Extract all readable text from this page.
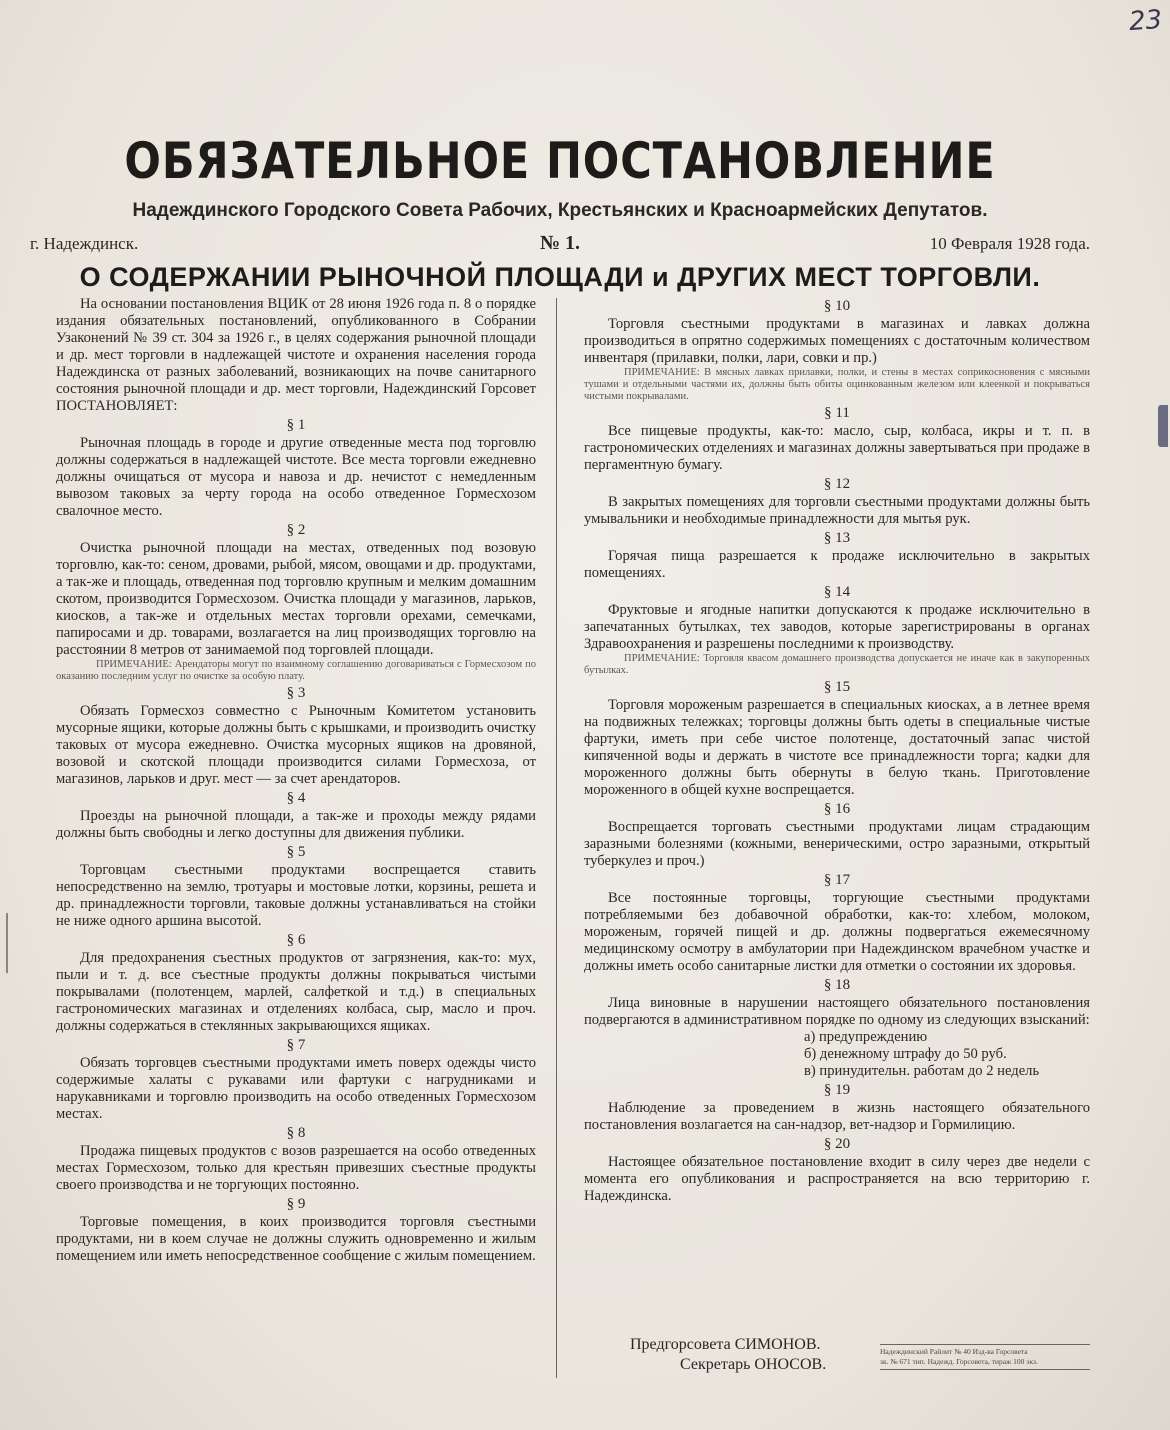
23
ОБЯЗАТЕЛЬНОЕ ПОСТАНОВЛЕНИЕ
Надеждинского Городского Совета Рабочих, Крестьянских и Красноармейских Депутатов.
г. Надеждинск.	№ 1.	10 Февраля 1928 года.
О СОДЕРЖАНИИ РЫНОЧНОЙ ПЛОЩАДИ и ДРУГИХ МЕСТ ТОРГОВЛИ.

На основании постановления ВЦИК от 28 июня 1926 года п. 8 о порядке издания обязательных постановлений, опубликованного в Собрании Узаконений № 39 ст. 304 за 1926 г., в целях содержания рыночной площади и др. мест торговли в надлежащей чистоте и охранения населения города Надеждинска от разных заболеваний, возникающих на почве санитарного состояния рыночной площади и др. мест торговли, Надеждинский Горсовет ПОСТАНОВЛЯЕТ:

§ 1

Рыночная площадь в городе и другие отведенные места под торговлю должны содержаться в надлежащей чистоте. Все места торговли ежедневно должны очищаться от мусора и навоза и др. нечистот с немедленным вывозом таковых за черту города на особо отведенное Гормесхозом свалочное место.

§ 2

Очистка рыночной площади на местах, отведенных под возовую торговлю, как-то: сеном, дровами, рыбой, мясом, овощами и др. продуктами, а так-же и площадь, отведенная под торговлю крупным и мелким домашним скотом, производится Гормесхозом. Очистка площади у магазинов, ларьков, киосков, а так-же и отдельных местах торговли орехами, семечками, папиросами и др. товарами, возлагается на лиц производящих торговлю на расстоянии 8 метров от занимаемой под торговлей площади.

ПРИМЕЧАНИЕ: Арендаторы могут по взаимному соглашению договариваться с Гормесхозом по оказанию последним услуг по очистке за особую плату.

§ 3

Обязать Гормесхоз совместно с Рыночным Комитетом установить мусорные ящики, которые должны быть с крышками, и производить очистку таковых от мусора ежедневно. Очистка мусорных ящиков на дровяной, возовой и скотской площади производится силами Гормесхоза, от магазинов, ларьков и друг. мест — за счет арендаторов.

§ 4

Проезды на рыночной площади, а так-же и проходы между рядами должны быть свободны и легко доступны для движения публики.

§ 5

Торговцам съестными продуктами воспрещается ставить непосредственно на землю, тротуары и мостовые лотки, корзины, решета и др. принадлежности торговли, таковые должны устанавливаться на стойки не ниже одного аршина высотой.

§ 6

Для предохранения съестных продуктов от загрязнения, как-то: мух, пыли и т. д. все съестные продукты должны покрываться чистыми покрывалами (полотенцем, марлей, салфеткой и т.д.) в специальных гастрономических магазинах и отделениях колбаса, сыр, масло и проч. должны содержаться в стеклянных закрывающихся ящиках.

§ 7

Обязать торговцев съестными продуктами иметь поверх одежды чисто содержимые халаты с рукавами или фартуки с нагрудниками и нарукавниками и торговлю производить на особо отведенных Гормесхозом местах.

§ 8

Продажа пищевых продуктов с возов разрешается на особо отведенных местах Гормесхозом, только для крестьян привезших съестные продукты своего производства и не торгующих постоянно.

§ 9

Торговые помещения, в коих производится торговля съестными продуктами, ни в коем случае не должны служить одновременно и жилым помещением или иметь непосредственное сообщение с жилым помещением.

§ 10

Торговля съестными продуктами в магазинах и лавках должна производиться в опрятно содержимых помещениях с достаточным количеством инвентаря (прилавки, полки, лари, совки и пр.)

ПРИМЕЧАНИЕ: В мясных лавках прилавки, полки, и стены в местах соприкосновения с мясными тушами и отдельными частями их, должны быть обиты оцинкованным железом или клеенкой и покрываться чистыми покрывалами.

§ 11

Все пищевые продукты, как-то: масло, сыр, колбаса, икры и т. п. в гастрономических отделениях и магазинах должны завертываться при продаже в пергаментную бумагу.

§ 12

В закрытых помещениях для торговли съестными продуктами должны быть умывальники и необходимые принадлежности для мытья рук.

§ 13

Горячая пища разрешается к продаже исключительно в закрытых помещениях.

§ 14

Фруктовые и ягодные напитки допускаются к продаже исключительно в запечатанных бутылках, тех заводов, которые зарегистрированы в органах Здравоохранения и разрешены последними к производству.

ПРИМЕЧАНИЕ: Торговля квасом домашнего производства допускается не иначе как в закупоренных бутылках.

§ 15

Торговля мороженым разрешается в специальных киосках, а в летнее время на подвижных тележках; торговцы должны быть одеты в специальные чистые фартуки, иметь при себе чистое полотенце, достаточный запас чистой кипяченной воды и держать в чистоте все принадлежности торга; кадки для мороженного должны быть обернуты в белую ткань. Приготовление мороженного в общей кухне воспрещается.

§ 16

Воспрещается торговать съестными продуктами лицам страдающим заразными болезнями (кожными, венерическими, остро заразными, открытый туберкулез и проч.)

§ 17

Все постоянные торговцы, торгующие съестными продуктами потребляемыми без добавочной обработки, как-то: хлебом, молоком, мороженым, горячей пищей и др. должны подвергаться ежемесячному медицинскому осмотру в амбулатории при Надеждинском врачебном участке и должны иметь особо санитарные листки для отметки о состоянии их здоровья.

§ 18

Лица виновные в нарушении настоящего обязательного постановления подвергаются в административном порядке по одному из следующих взысканий:

а) предупреждению
б) денежному штрафу до 50 руб.
в) принудительн. работам до 2 недель
§ 19

Наблюдение за проведением в жизнь настоящего обязательного постановления возлагается на сан-надзор, вет-надзор и Гормилицию.

§ 20

Настоящее обязательное постановление входит в силу через две недели с момента его опубликования и распространяется на всю территорию г. Надеждинска.

Предгорсовета СИМОНОВ.
Секретарь ОНОСОВ.
Надеждинский Райлит № 40 Изд-ва Горсовета
зк. № 671 тип. Надежд. Горсовета, тираж 100 экз.
